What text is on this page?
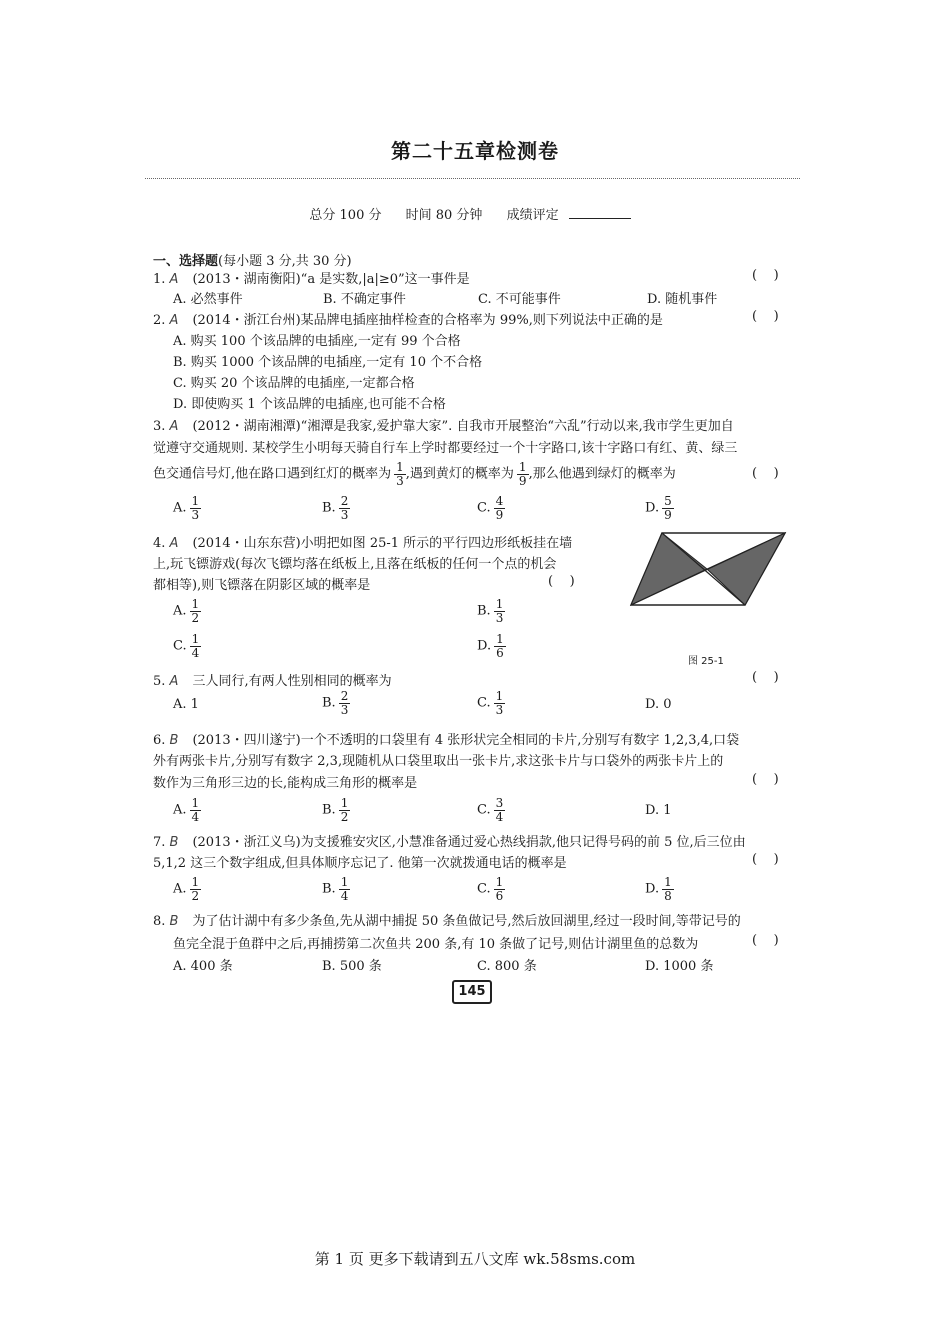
第二十五章检测卷
总分 100 分 时间 80 分钟 成绩评定
一、选择题(每小题 3 分,共 30 分)
1. A (2013・湖南衡阳)“a 是实数,|a|≥0”这一事件是	(    )
A. 必然事件	B. 不确定事件	C. 不可能事件	D. 随机事件
2. A (2014・浙江台州)某品牌电插座抽样检查的合格率为 99%,则下列说法中正确的是	(    )
A. 购买 100 个该品牌的电插座,一定有 99 个合格
B. 购买 1000 个该品牌的电插座,一定有 10 个不合格
C. 购买 20 个该品牌的电插座,一定都合格
D. 即使购买 1 个该品牌的电插座,也可能不合格
3. A (2012・湖南湘潭)“湘潭是我家,爱护靠大家”. 自我市开展整治“六乱”行动以来,我市学生更加自
觉遵守交通规则. 某校学生小明每天骑自行车上学时都要经过一个十字路口,该十字路口有红、黄、绿三
色交通信号灯,他在路口遇到红灯的概率为 $\frac{1}{3}$ ,遇到黄灯的概率为 $\frac{1}{9}$ ,那么他遇到绿灯的概率为	(    )
A. $\frac{1}{3}$	B. $\frac{2}{3}$	C. $\frac{4}{9}$	D. $\frac{5}{9}$
4. A (2014・山东东营)小明把如图 25-1 所示的平行四边形纸板挂在墙
上,玩飞镖游戏(每次飞镖均落在纸板上,且落在纸板的任何一个点的机会
都相等),则飞镖落在阴影区域的概率是	(    )
A. $\frac{1}{2}$	B. $\frac{1}{3}$
C. $\frac{1}{4}$	D. $\frac{1}{6}$
图 25-1
5. A 三人同行,有两人性别相同的概率为	(    )
A. 1	B. $\frac{2}{3}$	C. $\frac{1}{3}$	D. 0
6. B (2013・四川遂宁)一个不透明的口袋里有 4 张形状完全相同的卡片,分别写有数字 1,2,3,4,口袋
外有两张卡片,分别写有数字 2,3,现随机从口袋里取出一张卡片,求这张卡片与口袋外的两张卡片上的
数作为三角形三边的长,能构成三角形的概率是	(    )
A. $\frac{1}{4}$	B. $\frac{1}{2}$	C. $\frac{3}{4}$	D. 1
7. B (2013・浙江义乌)为支援雅安灾区,小慧准备通过爱心热线捐款,他只记得号码的前 5 位,后三位由
5,1,2 这三个数字组成,但具体顺序忘记了. 他第一次就拨通电话的概率是	(    )
A. $\frac{1}{2}$	B. $\frac{1}{4}$	C. $\frac{1}{6}$	D. $\frac{1}{8}$
8. B 为了估计湖中有多少条鱼,先从湖中捕捉 50 条鱼做记号,然后放回湖里,经过一段时间,等带记号的
鱼完全混于鱼群中之后,再捕捞第二次鱼共 200 条,有 10 条做了记号,则估计湖里鱼的总数为	(    )
A. 400 条	B. 500 条	C. 800 条	D. 1000 条
145
第 1 页 更多下载请到五八文库 wk.58sms.com
